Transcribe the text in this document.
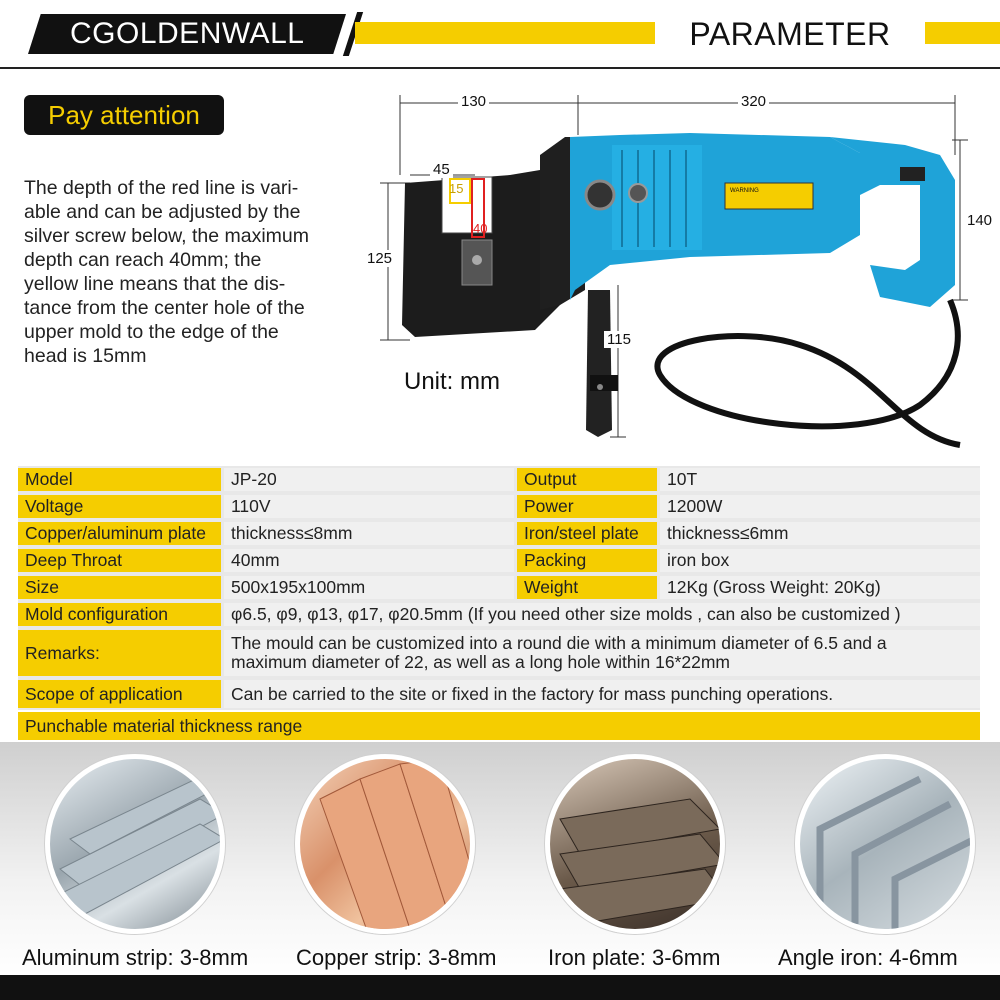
CGOLDENWALL	PARAMETER
Pay attention
The depth of the red line is vari-
able and can be adjusted by the
silver screw below, the maximum
depth can reach 40mm; the
yellow line means that the dis-
tance from the center hole of the
upper mold to the edge of the
head is 15mm
WARNING
130	320
45
15
40
125
140
115
Unit: mm
Model	JP-20	Output	10T
Voltage	110V	Power	1200W
Copper/aluminum plate	thickness≤8mm	Iron/steel plate	thickness≤6mm
Deep Throat	40mm	Packing	iron box
Size	500x195x100mm	Weight	12Kg (Gross Weight: 20Kg)
Mold configuration	φ6.5, φ9, φ13, φ17, φ20.5mm (If you need other size molds , can also be customized )
Remarks:	The mould can be customized into a round die with a minimum diameter of 6.5 and a
maximum diameter of 22, as well as a long hole within 16*22mm
Scope of application	Can be carried to the site or fixed in the factory for mass punching operations.
Punchable material thickness range
Aluminum strip: 3-8mm Copper strip: 3-8mm Iron plate: 3-6mm	Angle iron: 4-6mm
